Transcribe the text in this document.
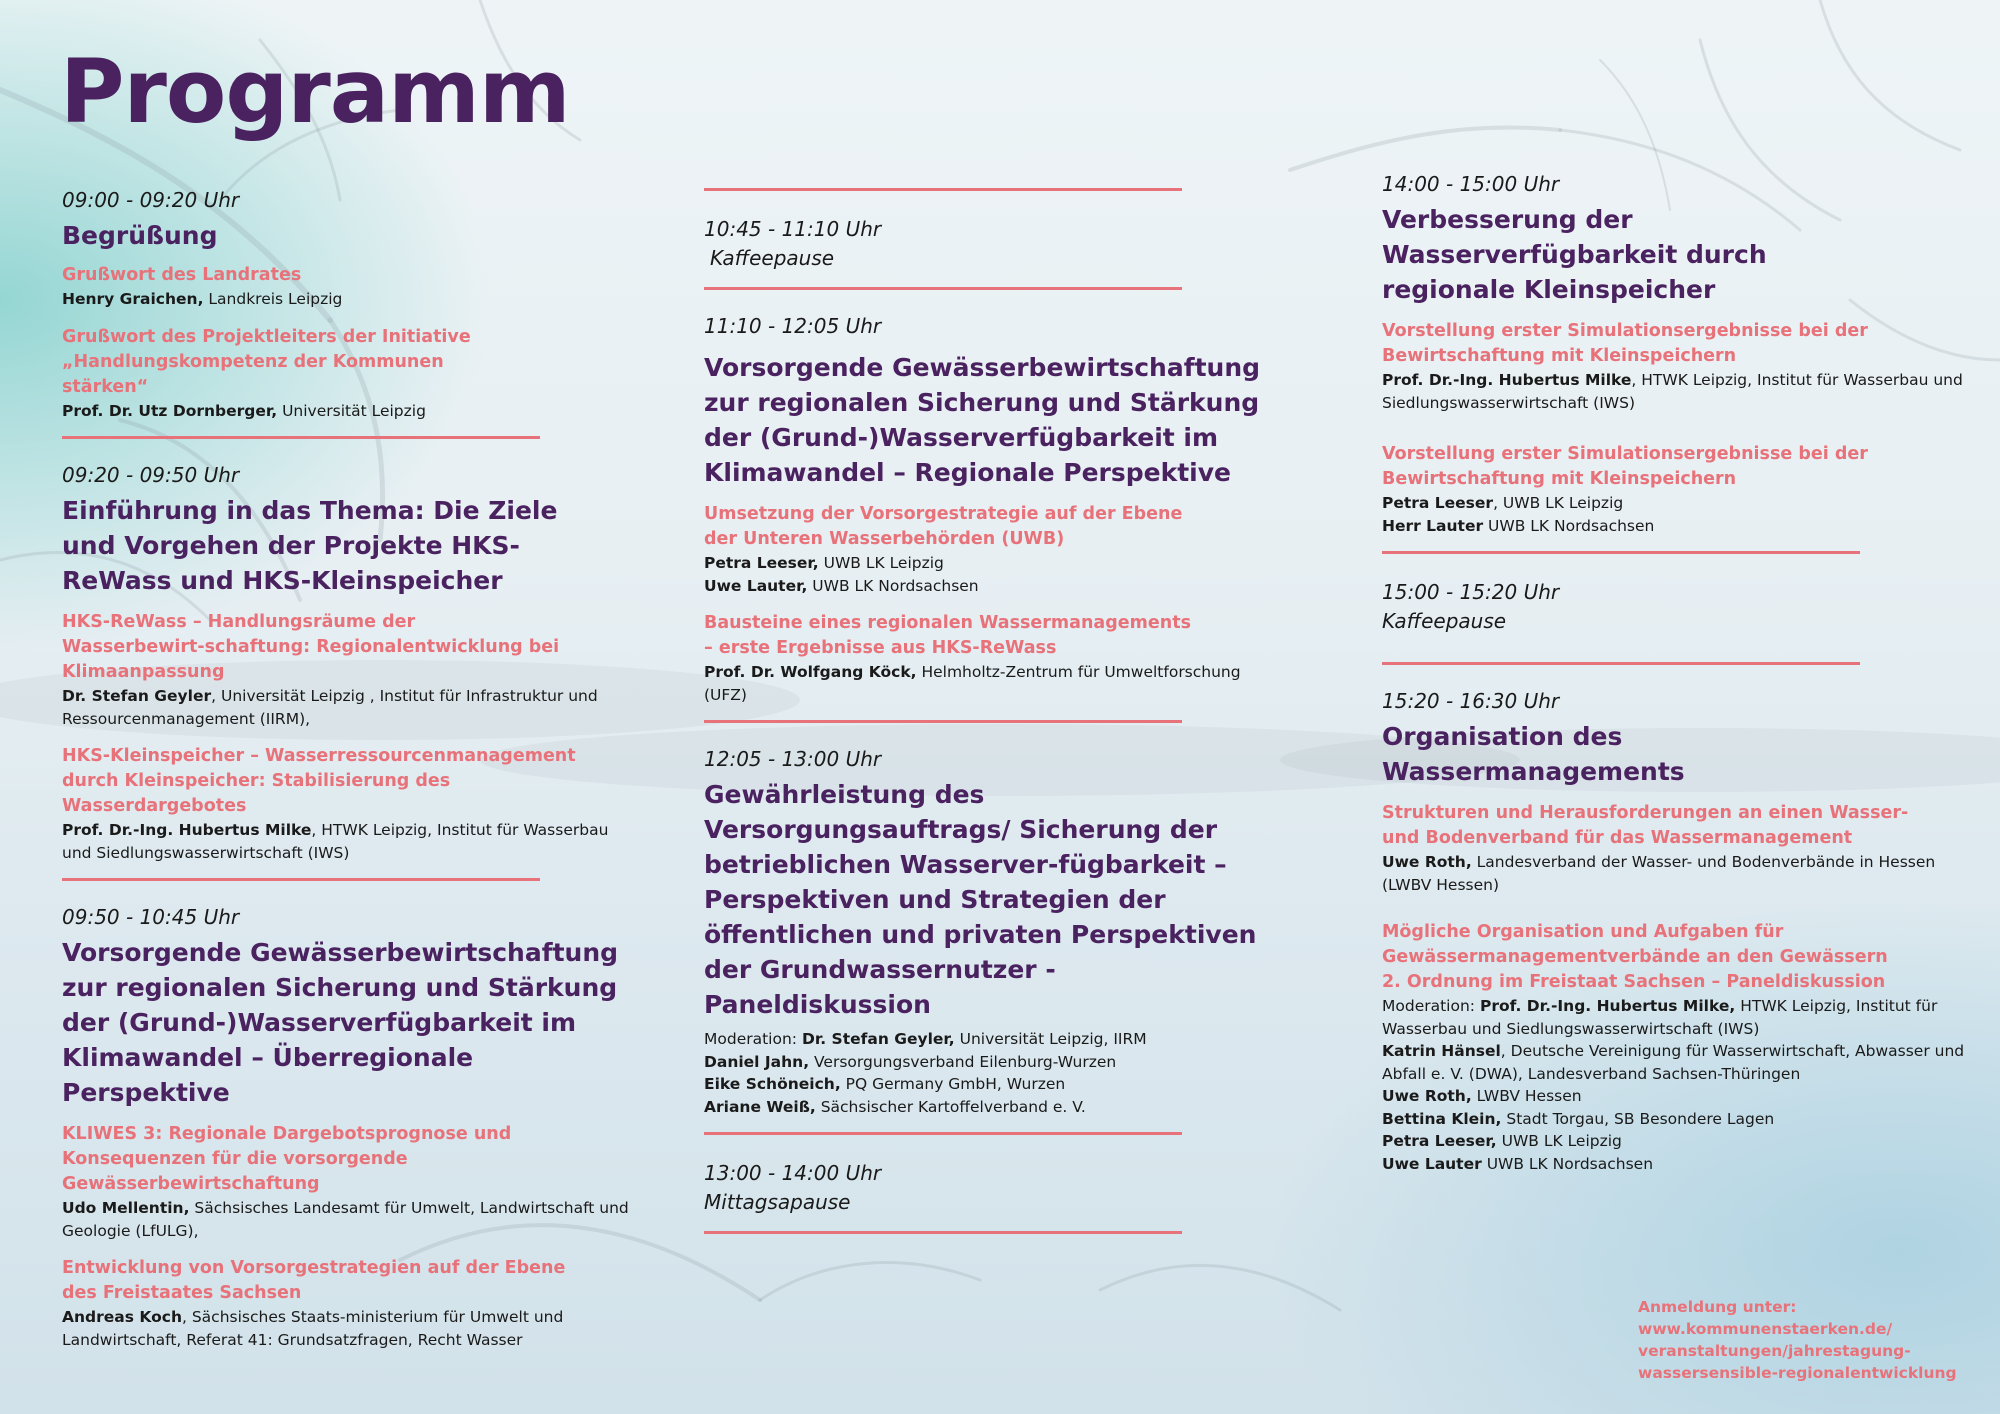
Programm
09:00 - 09:20 Uhr
Begrüßung
Grußwort des Landrates
Henry Graichen, Landkreis Leipzig
Grußwort des Projektleiters der Initiative „Handlungskompetenz der Kommunen stärken“
Prof. Dr. Utz Dornberger, Universität Leipzig
09:20 - 09:50 Uhr
Einführung in das Thema: Die Ziele und Vorgehen der Projekte HKS-ReWass und HKS-Kleinspeicher
HKS-ReWass – Handlungsräume der Wasserbewirt-schaftung: Regionalentwicklung bei Klimaanpassung
Dr. Stefan Geyler, Universität Leipzig , Institut für Infrastruktur und Ressourcenmanagement (IIRM),
HKS-Kleinspeicher – Wasserressourcenmanagement durch Kleinspeicher: Stabilisierung des Wasserdargebotes
Prof. Dr.-Ing. Hubertus Milke, HTWK Leipzig, Institut für Wasserbau und Siedlungswasserwirtschaft (IWS)
09:50 - 10:45 Uhr
Vorsorgende Gewässerbewirtschaftung zur regionalen Sicherung und Stärkung der (Grund-)Wasserverfügbarkeit im Klimawandel – Überregionale Perspektive
KLIWES 3: Regionale Dargebotsprognose und Konsequenzen für die vorsorgende Gewässerbewirtschaftung
Udo Mellentin, Sächsisches Landesamt für Umwelt, Landwirtschaft und Geologie (LfULG),
Entwicklung von Vorsorgestrategien auf der Ebene des Freistaates Sachsen
Andreas Koch, Sächsisches Staats-ministerium für Umwelt und Landwirtschaft, Referat 41: Grundsatzfragen, Recht Wasser
10:45 - 11:10 Uhr
Kaffeepause
11:10 - 12:05 Uhr
Vorsorgende Gewässerbewirtschaftung zur regionalen Sicherung und Stärkung der (Grund-)Wasserverfügbarkeit im Klimawandel – Regionale Perspektive
Umsetzung der Vorsorgestrategie auf der Ebene der Unteren Wasserbehörden (UWB)
Petra Leeser, UWB LK Leipzig
Uwe Lauter, UWB LK Nordsachsen
Bausteine eines regionalen Wassermanagements – erste Ergebnisse aus HKS-ReWass
Prof. Dr. Wolfgang Köck, Helmholtz-Zentrum für Umweltforschung (UFZ)
12:05 - 13:00 Uhr
Gewährleistung des Versorgungsauftrags/ Sicherung der betrieblichen Wasserver-fügbarkeit – Perspektiven und Strategien der öffentlichen und privaten Perspektiven der Grundwassernutzer - Paneldiskussion
Moderation: Dr. Stefan Geyler, Universität Leipzig, IIRM
Daniel Jahn, Versorgungsverband Eilenburg-Wurzen
Eike Schöneich, PQ Germany GmbH, Wurzen
Ariane Weiß, Sächsischer Kartoffelverband e. V.
13:00 - 14:00 Uhr
Mittagsapause
14:00 - 15:00 Uhr
Verbesserung der Wasserverfügbarkeit durch regionale Kleinspeicher
Vorstellung erster Simulationsergebnisse bei der Bewirtschaftung mit Kleinspeichern
Prof. Dr.-Ing. Hubertus Milke, HTWK Leipzig, Institut für Wasserbau und Siedlungswasserwirtschaft (IWS)
Vorstellung erster Simulationsergebnisse bei der Bewirtschaftung mit Kleinspeichern
Petra Leeser, UWB LK Leipzig
Herr Lauter UWB LK Nordsachsen
15:00 - 15:20 Uhr
Kaffeepause
15:20 - 16:30 Uhr
Organisation des Wassermanagements
Strukturen und Herausforderungen an einen Wasser- und Bodenverband für das Wassermanagement
Uwe Roth, Landesverband der Wasser- und Bodenverbände in Hessen (LWBV Hessen)
Mögliche Organisation und Aufgaben für Gewässermanagementverbände an den Gewässern 2. Ordnung im Freistaat Sachsen – Paneldiskussion
Moderation: Prof. Dr.-Ing. Hubertus Milke, HTWK Leipzig, Institut für Wasserbau und Siedlungswasserwirtschaft (IWS)
Katrin Hänsel, Deutsche Vereinigung für Wasserwirtschaft, Abwasser und Abfall e. V. (DWA), Landesverband Sachsen-Thüringen
Uwe Roth, LWBV Hessen
Bettina Klein, Stadt Torgau, SB Besondere Lagen
Petra Leeser, UWB LK Leipzig
Uwe Lauter UWB LK Nordsachsen
Anmeldung unter:
www.kommunenstaerken.de/
veranstaltungen/jahrestagung-
wassersensible-regionalentwicklung
